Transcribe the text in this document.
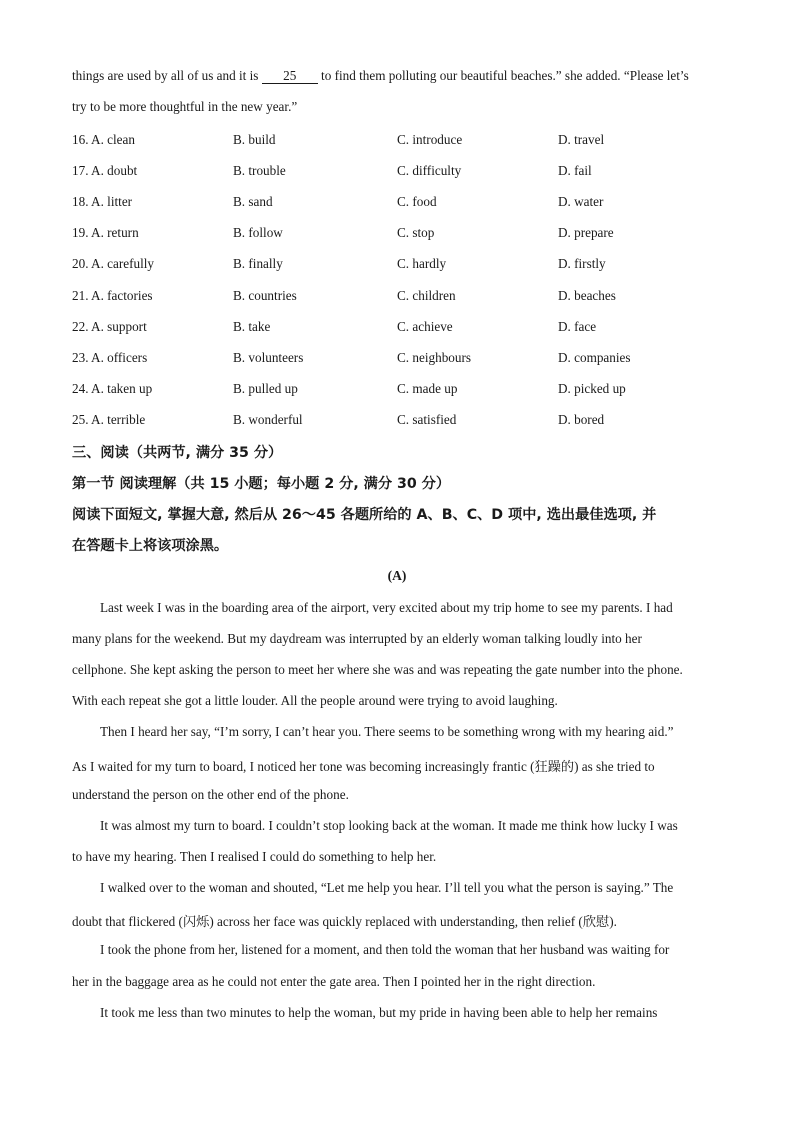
things are used by all of us and it is 25 to find them polluting our beautiful beaches.” she added. “Please let’s
try to be more thoughtful in the new year.”
16. A. clean	B. build	C. introduce	D. travel
17. A. doubt	B. trouble	C. difficulty	D. fail
18. A. litter	B. sand	C. food	D. water
19. A. return	B. follow	C. stop	D. prepare
20. A. carefully	B. finally	C. hardly	D. firstly
21. A. factories	B. countries	C. children	D. beaches
22. A. support	B. take	C. achieve	D. face
23. A. officers	B. volunteers	C. neighbours	D. companies
24. A. taken up	B. pulled up	C. made up	D. picked up
25. A. terrible	B. wonderful	C. satisfied	D. bored
三、阅读（共两节, 满分 35 分）
第一节 阅读理解（共 15 小题；每小题 2 分, 满分 30 分）
阅读下面短文, 掌握大意, 然后从 26～45 各题所给的 A、B、C、D 项中, 选出最佳选项, 并
在答题卡上将该项涂黑。
(A)
Last week I was in the boarding area of the airport, very excited about my trip home to see my parents. I had
many plans for the weekend. But my daydream was interrupted by an elderly woman talking loudly into her
cellphone. She kept asking the person to meet her where she was and was repeating the gate number into the phone.
With each repeat she got a little louder. All the people around were trying to avoid laughing.
Then I heard her say, “I’m sorry, I can’t hear you. There seems to be something wrong with my hearing aid.”
As I waited for my turn to board, I noticed her tone was becoming increasingly frantic (狂躁的) as she tried to
understand the person on the other end of the phone.
It was almost my turn to board. I couldn’t stop looking back at the woman. It made me think how lucky I was
to have my hearing. Then I realised I could do something to help her.
I walked over to the woman and shouted, “Let me help you hear. I’ll tell you what the person is saying.” The
doubt that flickered (闪烁) across her face was quickly replaced with understanding, then relief (欣慰).
I took the phone from her, listened for a moment, and then told the woman that her husband was waiting for
her in the baggage area as he could not enter the gate area. Then I pointed her in the right direction.
It took me less than two minutes to help the woman, but my pride in having been able to help her remains
